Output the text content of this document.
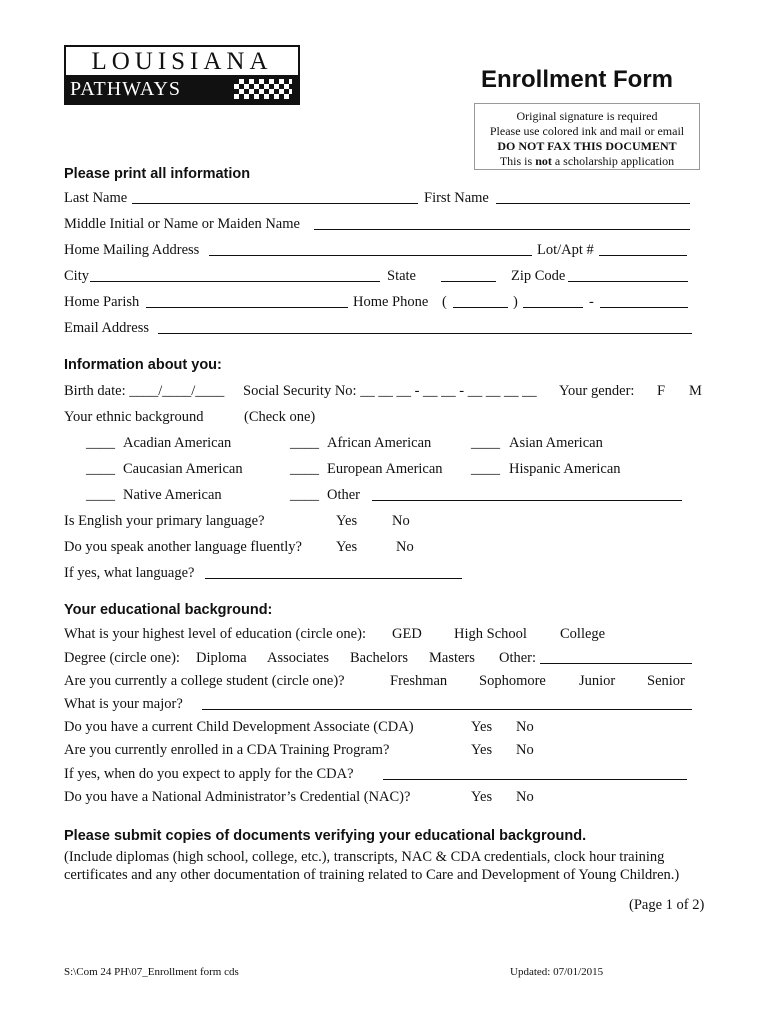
LOUISIANA
PATHWAYS	Enrollment Form
Original signature is required
Please use colored ink and mail or email
DO NOT FAX THIS DOCUMENT
This is not a scholarship application
Please print all information
Last Name	First Name
Middle Initial or Name or Maiden Name
Home Mailing Address	Lot/Apt #
City	State	Zip Code
Home Parish	Home Phone (	)	-
Email Address
Information about you:
Birth date: ____/____/____ Social Security No: __ __ __ - __ __ - __ __ __ __ Your gender: F M
Your ethnic background	(Check one)
____ Acadian American	____ African American	____ Asian American
____ Caucasian American	____ European American ____ Hispanic American
____ Native American	____ Other
Is English your primary language?	Yes No
Do you speak another language fluently? Yes	No
If yes, what language?
Your educational background:
What is your highest level of education (circle one): GED High School College
Degree (circle one): Diploma Associates Bachelors Masters Other:
Are you currently a college student (circle one)?	Freshman Sophomore Junior Senior
What is your major?
Do you have a current Child Development Associate (CDA)	Yes No
Are you currently enrolled in a CDA Training Program?	Yes No
If yes, when do you expect to apply for the CDA?
Do you have a National Administrator’s Credential (NAC)?	Yes No
Please submit copies of documents verifying your educational background.
(Include diplomas (high school, college, etc.), transcripts, NAC & CDA credentials, clock hour training
certificates and any other documentation of training related to Care and Development of Young Children.)
(Page 1 of 2)
S:\Com 24 PH\07_Enrollment form cds	Updated: 07/01/2015
